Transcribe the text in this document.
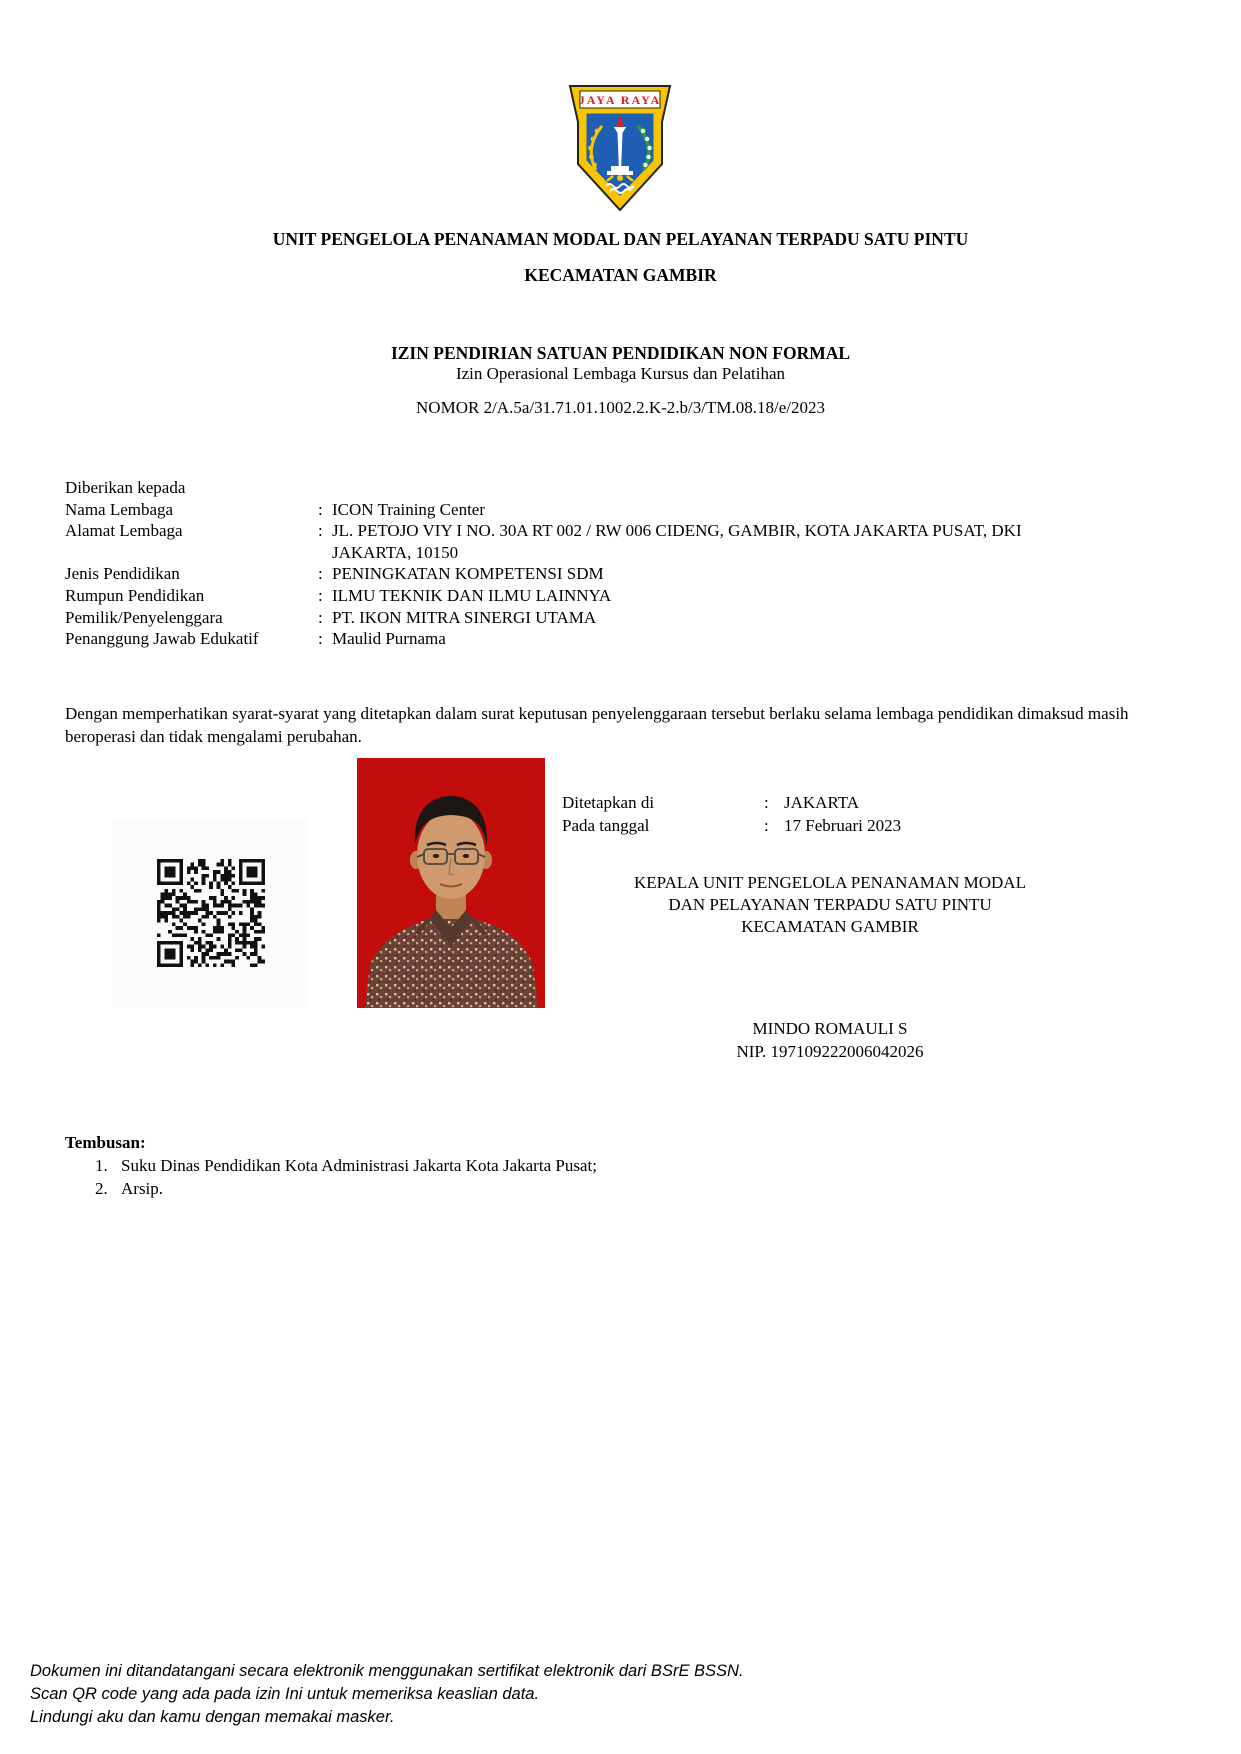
JAYA RAYA
UNIT PENGELOLA PENANAMAN MODAL DAN PELAYANAN TERPADU SATU PINTU
KECAMATAN GAMBIR
IZIN PENDIRIAN SATUAN PENDIDIKAN NON FORMAL
Izin Operasional Lembaga Kursus dan Pelatihan
NOMOR 2/A.5a/31.71.01.1002.2.K-2.b/3/TM.08.18/e/2023
Diberikan kepada
Nama Lembaga	: ICON Training Center
Alamat Lembaga	: JL. PETOJO VIY I NO. 30A RT 002 / RW 006 CIDENG, GAMBIR, KOTA JAKARTA PUSAT, DKI JAKARTA, 10150
Jenis Pendidikan	: PENINGKATAN KOMPETENSI SDM
Rumpun Pendidikan	: ILMU TEKNIK DAN ILMU LAINNYA
Pemilik/Penyelenggara	: PT. IKON MITRA SINERGI UTAMA
Penanggung Jawab Edukatif	: Maulid Purnama
Dengan memperhatikan syarat-syarat yang ditetapkan dalam surat keputusan penyelenggaraan tersebut berlaku selama lembaga pendidikan dimaksud masih beroperasi dan tidak mengalami perubahan.
Ditetapkan di	: JAKARTA
Pada tanggal	: 17 Februari 2023
KEPALA UNIT PENGELOLA PENANAMAN MODAL
DAN PELAYANAN TERPADU SATU PINTU
KECAMATAN GAMBIR
MINDO ROMAULI S
NIP. 197109222006042026
Tembusan:
1. Suku Dinas Pendidikan Kota Administrasi Jakarta Kota Jakarta Pusat;
2. Arsip.
Dokumen ini ditandatangani secara elektronik menggunakan sertifikat elektronik dari BSrE BSSN.
Scan QR code yang ada pada izin Ini untuk memeriksa keaslian data.
Lindungi aku dan kamu dengan memakai masker.
